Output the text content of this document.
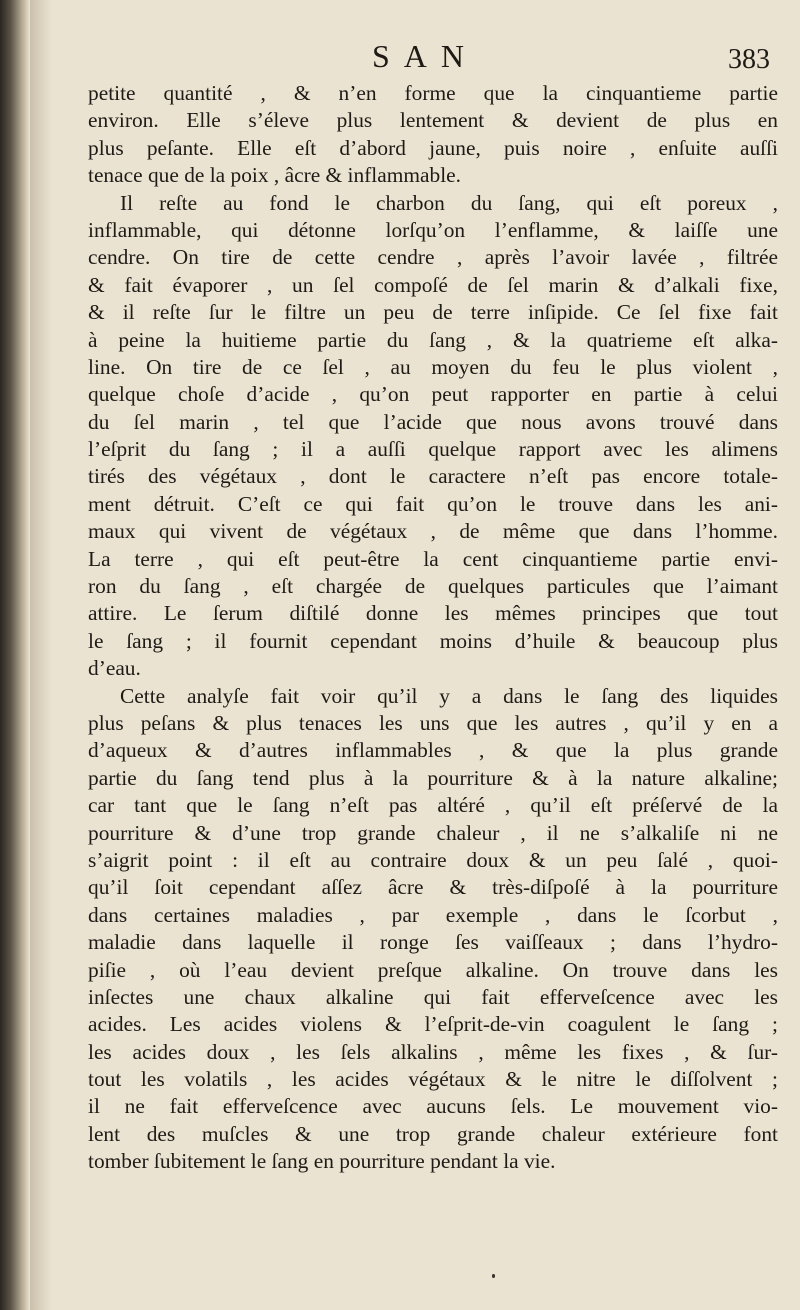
SAN	383
petite quantité , & n’en forme que la cinquantieme partie
environ. Elle s’éleve plus lentement & devient de plus en
plus peſante. Elle eſt d’abord jaune, puis noire , enſuite auſſi
tenace que de la poix , âcre & inflammable.
Il reſte au fond le charbon du ſang, qui eſt poreux ,
inflammable, qui détonne lorſqu’on l’enflamme, & laiſſe une
cendre. On tire de cette cendre , après l’avoir lavée , filtrée
& fait évaporer , un ſel compoſé de ſel marin & d’alkali fixe,
& il reſte ſur le filtre un peu de terre inſipide. Ce ſel fixe fait
à peine la huitieme partie du ſang , & la quatrieme eſt alka-
line. On tire de ce ſel , au moyen du feu le plus violent ,
quelque choſe d’acide , qu’on peut rapporter en partie à celui
du ſel marin , tel que l’acide que nous avons trouvé dans
l’eſprit du ſang ; il a auſſi quelque rapport avec les alimens
tirés des végétaux , dont le caractere n’eſt pas encore totale-
ment détruit. C’eſt ce qui fait qu’on le trouve dans les ani-
maux qui vivent de végétaux , de même que dans l’homme.
La terre , qui eſt peut-être la cent cinquantieme partie envi-
ron du ſang , eſt chargée de quelques particules que l’aimant
attire. Le ſerum diſtilé donne les mêmes principes que tout
le ſang ; il fournit cependant moins d’huile & beaucoup plus
d’eau.
Cette analyſe fait voir qu’il y a dans le ſang des liquides
plus peſans & plus tenaces les uns que les autres , qu’il y en a
d’aqueux & d’autres inflammables , & que la plus grande
partie du ſang tend plus à la pourriture & à la nature alkaline;
car tant que le ſang n’eſt pas altéré , qu’il eſt préſervé de la
pourriture & d’une trop grande chaleur , il ne s’alkaliſe ni ne
s’aigrit point : il eſt au contraire doux & un peu ſalé , quoi-
qu’il ſoit cependant aſſez âcre & très-diſpoſé à la pourriture
dans certaines maladies , par exemple , dans le ſcorbut ,
maladie dans laquelle il ronge ſes vaiſſeaux ; dans l’hydro-
piſie , où l’eau devient preſque alkaline. On trouve dans les
inſectes une chaux alkaline qui fait efferveſcence avec les
acides. Les acides violens & l’eſprit-de-vin coagulent le ſang ;
les acides doux , les ſels alkalins , même les fixes , & ſur-
tout les volatils , les acides végétaux & le nitre le diſſolvent ;
il ne fait efferveſcence avec aucuns ſels. Le mouvement vio-
lent des muſcles & une trop grande chaleur extérieure font
tomber ſubitement le ſang en pourriture pendant la vie.
